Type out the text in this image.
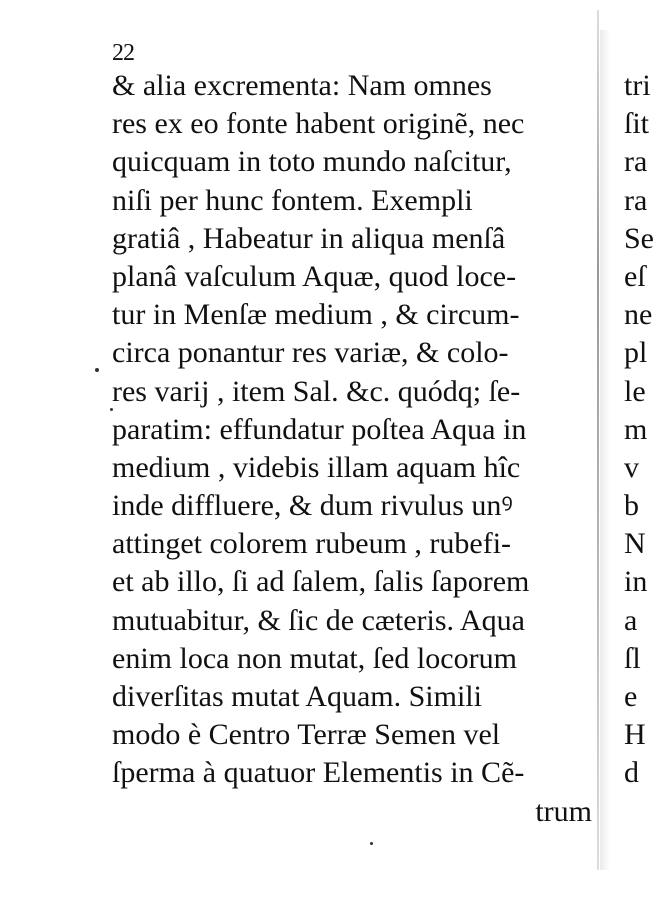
22
& alia excrementa: Nam omnes
res ex eo fonte habent originẽ, nec
quicquam in toto mundo naſcitur,
niſi per hunc fontem. Exempli
gratiâ , Habeatur in aliqua menſâ
planâ vaſculum Aquæ, quod loce-
tur in Menſæ medium , & circum-
circa ponantur res variæ, & colo-
res varij , item Sal. &c. quódq; ſe-
paratim: effundatur poſtea Aqua in
medium , videbis illam aquam hîc
inde diffluere, & dum rivulus unꝰ
attinget colorem rubeum , rubefi-
et ab illo, ſi ad ſalem, ſalis ſaporem
mutuabitur, & ſic de cæteris. Aqua
enim loca non mutat, ſed locorum
diverſitas mutat Aquam. Simili
modo è Centro Terræ Semen vel
ſperma à quatuor Elementis in Cẽ-
trum
tri
ſit
ra
ra
Se
eſ
ne
pl
le
m
v
b
N
in
a
ſl
e
H
d
